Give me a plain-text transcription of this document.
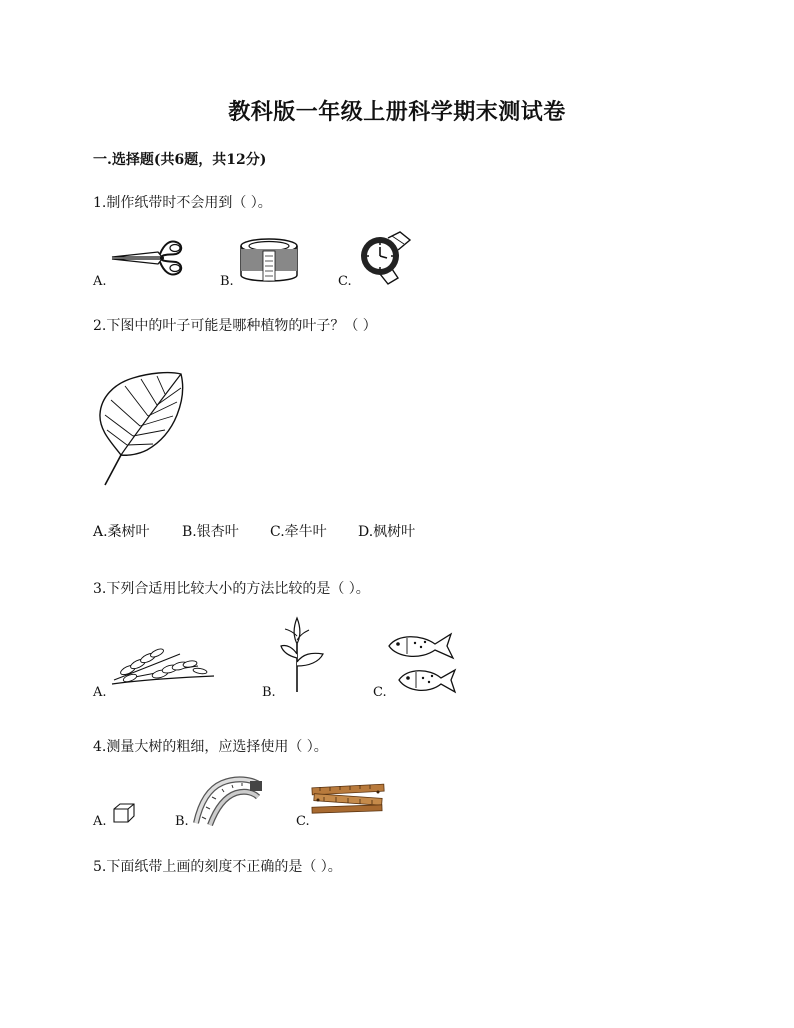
教科版一年级上册科学期末测试卷
一.选择题(共6题，共12分)
1.制作纸带时不会用到（ ）。
A.	B.	C.
2.下图中的叶子可能是哪种植物的叶子？（ ）
A.桑树叶 B.银杏叶 C.牵牛叶 D.枫树叶
3.下列合适用比较大小的方法比较的是（ ）。
A.	B.	C.
4.测量大树的粗细，应选择使用（ ）。
A.	B.	C.
5.下面纸带上画的刻度不正确的是（ ）。
